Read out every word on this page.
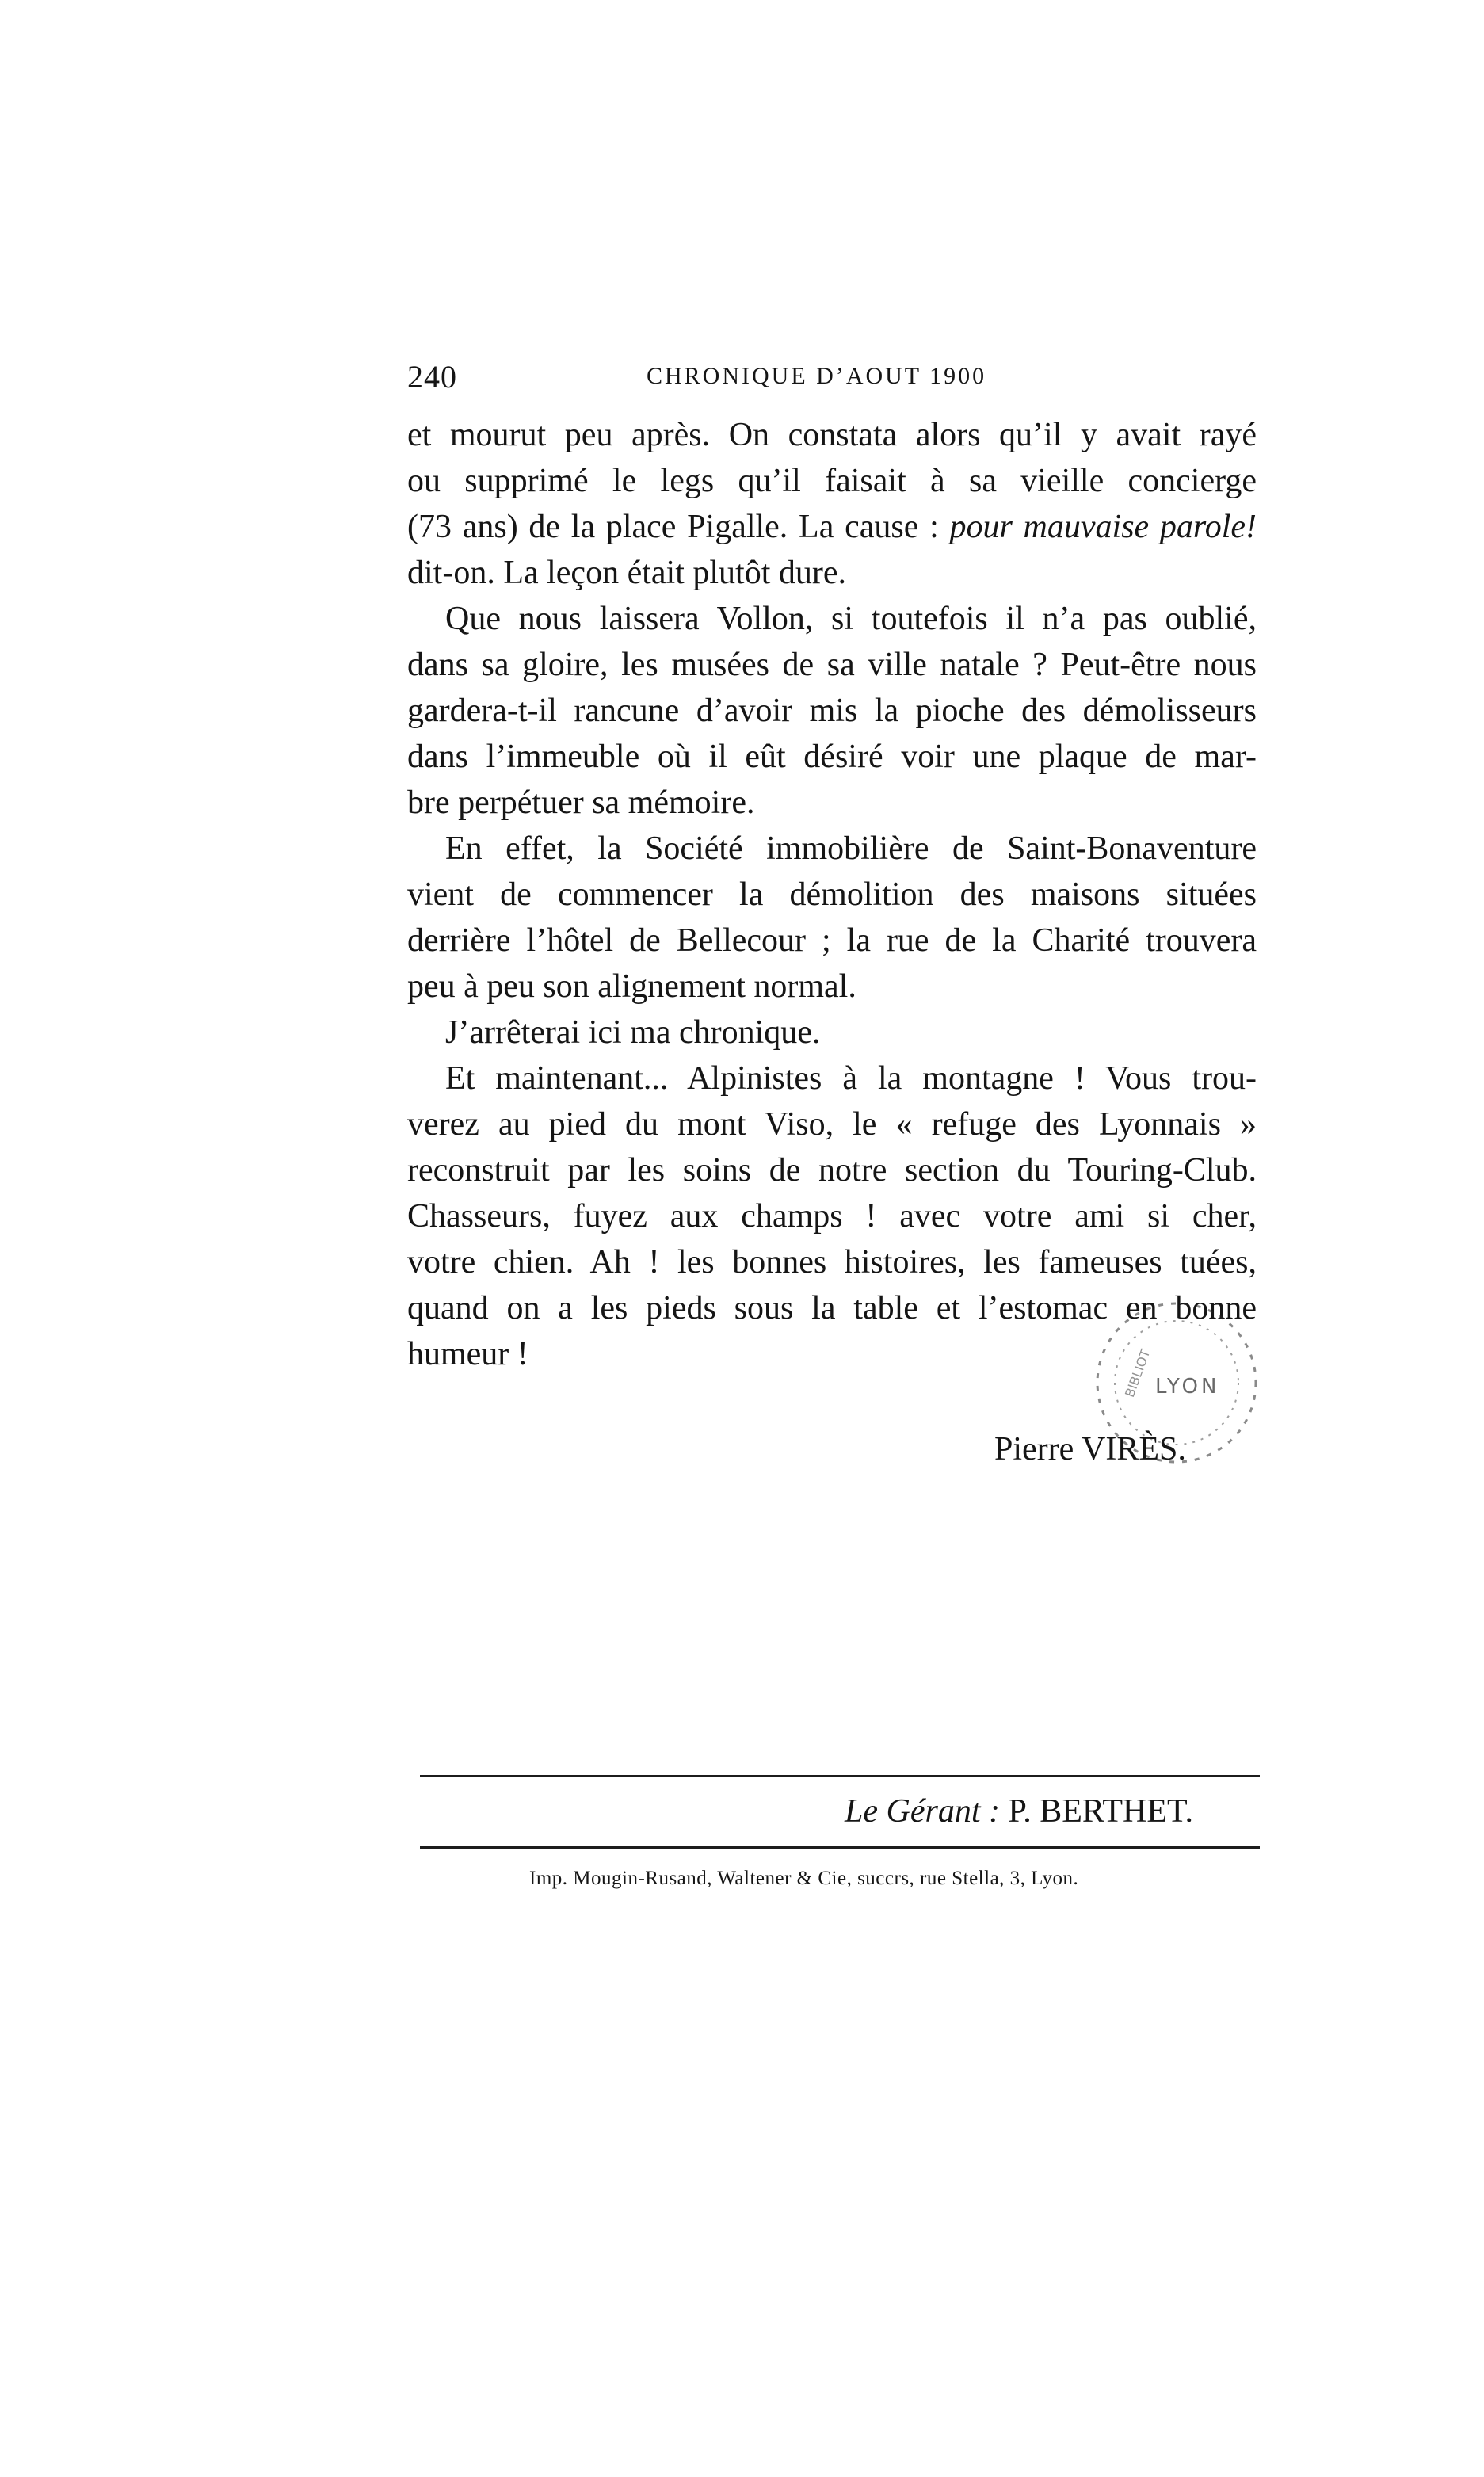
240	CHRONIQUE D’AOUT 1900
et mourut peu après. On constata alors qu’il y avait rayé
ou supprimé le legs qu’il faisait à sa vieille concierge
(73 ans) de la place Pigalle. La cause : pour mauvaise parole!
dit-on. La leçon était plutôt dure.
Que nous laissera Vollon, si toutefois il n’a pas oublié,
dans sa gloire, les musées de sa ville natale ? Peut-être nous
gardera-t-il rancune d’avoir mis la pioche des démolisseurs
dans l’immeuble où il eût désiré voir une plaque de mar-
bre perpétuer sa mémoire.
En effet, la Société immobilière de Saint-Bonaventure
vient de commencer la démolition des maisons situées
derrière l’hôtel de Bellecour ; la rue de la Charité trouvera
peu à peu son alignement normal.
J’arrêterai ici ma chronique.
Et maintenant... Alpinistes à la montagne ! Vous trou-
verez au pied du mont Viso, le « refuge des Lyonnais »
reconstruit par les soins de notre section du Touring-Club.
Chasseurs, fuyez aux champs ! avec votre ami si cher,
votre chien. Ah ! les bonnes histoires, les fameuses tuées,
quand on a les pieds sous la table et l’estomac en bonne
humeur !
LYON
BIBLIOT
Pierre VIRÈS.
Le Gérant : P. BERTHET.
Imp. Mougin-Rusand, Waltener & Cie, succrs, rue Stella, 3, Lyon.
